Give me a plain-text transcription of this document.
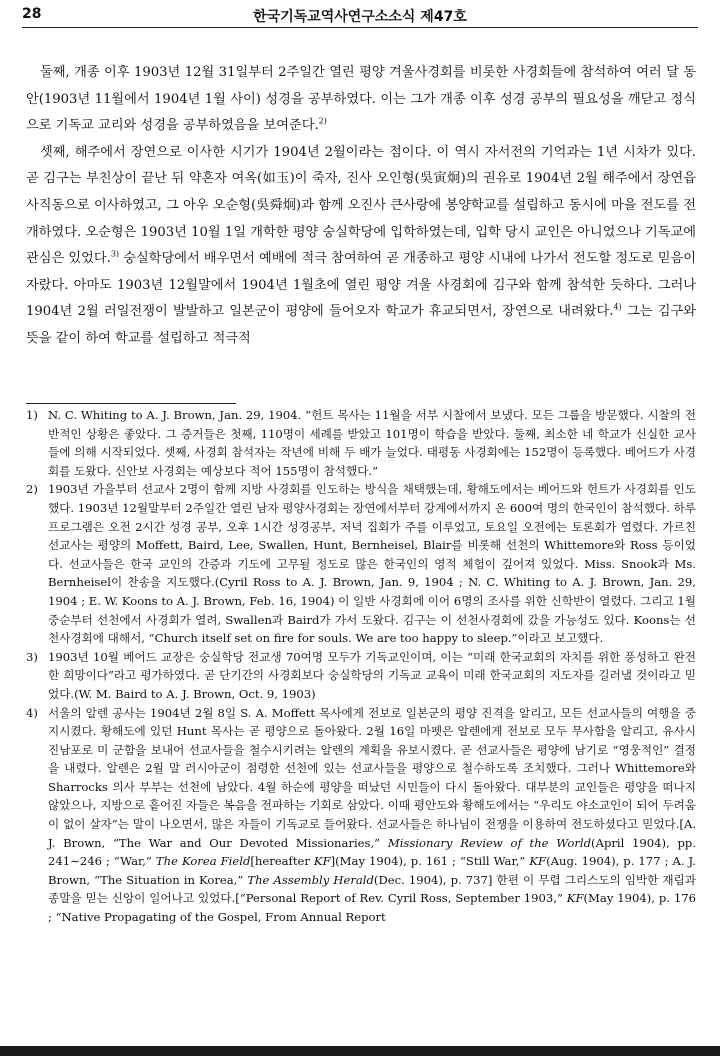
28	한국기독교역사연구소소식 제47호

둘째, 개종 이후 1903년 12월 31일부터 2주일간 열린 평양 겨울사경회를 비롯한 사경회들에 참석하여 여러 달 동안(1903년 11월에서 1904년 1월 사이) 성경을 공부하였다. 이는 그가 개종 이후 성경 공부의 필요성을 깨닫고 정식으로 기독교 교리와 성경을 공부하였음을 보여준다.$^{2)}$

셋째, 해주에서 장연으로 이사한 시기가 1904년 2월이라는 점이다. 이 역시 자서전의 기억과는 1년 시차가 있다. 곧 김구는 부친상이 끝난 뒤 약혼자 여옥(如玉)이 죽자, 진사 오인형(吳寅炯)의 권유로 1904년 2월 해주에서 장연읍 사직동으로 이사하였고, 그 아우 오순형(吳舜炯)과 함께 오진사 큰사랑에 봉양학교를 설립하고 동시에 마을 전도를 전개하였다. 오순형은 1903년 10월 1일 개학한 평양 숭실학당에 입학하였는데, 입학 당시 교인은 아니었으나 기독교에 관심은 있었다.$^{3)}$ 숭실학당에서 배우면서 예배에 적극 참여하여 곧 개종하고 평양 시내에 나가서 전도할 정도로 믿음이 자랐다. 아마도 1903년 12월말에서 1904년 1월초에 열린 평양 겨울 사경회에 김구와 함께 참석한 듯하다. 그러나 1904년 2월 러일전쟁이 발발하고 일본군이 평양에 들어오자 학교가 휴교되면서, 장연으로 내려왔다.$^{4)}$ 그는 김구와 뜻을 같이 하여 학교를 설립하고 적극적

1) N. C. Whiting to A. J. Brown, Jan. 29, 1904. “헌트 목사는 11월을 서부 시찰에서 보냈다. 모든 그룹을 방문했다. 시찰의 전반적인 상황은 좋았다. 그 증거들은 첫째, 110명이 세례를 받았고 101명이 학습을 받았다. 둘째, 최소한 네 학교가 신실한 교사들에 의해 시작되었다. 셋째, 사경회 참석자는 작년에 비해 두 배가 늘었다. 태평동 사경회에는 152명이 등록했다. 베어드가 사경회를 도왔다. 신안보 사경회는 예상보다 적어 155명이 참석했다.”
2) 1903년 가을부터 선교사 2명이 함께 지방 사경회를 인도하는 방식을 채택했는데, 황해도에서는 베어드와 헌트가 사경회를 인도했다. 1903년 12월말부터 2주일간 열린 남자 평양사경회는 장연에서부터 강계에서까지 온 600여 명의 한국인이 참석했다. 하루 프로그램은 오전 2시간 성경 공부, 오후 1시간 성경공부, 저녁 집회가 주를 이루었고, 토요일 오전에는 토론회가 열렸다. 가르친 선교사는 평양의 Moffett, Baird, Lee, Swallen, Hunt, Bernheisel, Blair를 비롯해 선천의 Whittemore와 Ross 등이었다. 선교사들은 한국 교인의 간증과 기도에 고무될 정도로 많은 한국인의 영적 체험이 깊어져 있었다. Miss. Snook과 Ms. Bernheisel이 찬송을 지도했다.(Cyril Ross to A. J. Brown, Jan. 9, 1904 ; N. C. Whiting to A. J. Brown, Jan. 29, 1904 ; E. W. Koons to A. J. Brown, Feb. 16, 1904) 이 일반 사경회에 이어 6명의 조사를 위한 신학반이 열렸다. 그리고 1월 중순부터 선천에서 사경회가 열려, Swallen과 Baird가 가서 도왔다. 김구는 이 선천사경회에 갔을 가능성도 있다. Koons는 선천사경회에 대해서, “Church itself set on fire for souls. We are too happy to sleep.”이라고 보고했다.
3) 1903년 10월 베어드 교장은 숭실학당 전교생 70여명 모두가 기독교인이며, 이는 “미래 한국교회의 자치를 위한 풍성하고 완전한 희망이다”라고 평가하였다. 곧 단기간의 사경회보다 숭실학당의 기독교 교육이 미래 한국교회의 지도자를 길러낼 것이라고 믿었다.(W. M. Baird to A. J. Brown, Oct. 9, 1903)
4) 서울의 알렌 공사는 1904년 2월 8일 S. A. Moffett 목사에게 전보로 일본군의 평양 진격을 알리고, 모든 선교사들의 여행을 중지시켰다. 황해도에 있던 Hunt 목사는 곧 평양으로 돌아왔다. 2월 16일 마펫은 알렌에게 전보로 모두 무사함을 알리고, 유사시 진남포로 미 군함을 보내어 선교사들을 철수시키려는 알렌의 계획을 유보시켰다. 곧 선교사들은 평양에 남기로 “영웅적인” 결정을 내렸다. 알렌은 2월 말 러시아군이 점령한 선천에 있는 선교사들을 평양으로 철수하도록 조치했다. 그러나 Whittemore와 Sharrocks 의사 부부는 선천에 남았다. 4월 하순에 평양을 떠났던 시민들이 다시 돌아왔다. 대부분의 교인들은 평양을 떠나지 않았으나, 지방으로 흩어진 자들은 복음을 전파하는 기회로 삼았다. 이때 평안도와 황해도에서는 “우리도 야소교인이 되어 두려움이 없이 살자”는 말이 나오면서, 많은 자들이 기독교로 들어왔다. 선교사들은 하나님이 전쟁을 이용하여 전도하셨다고 믿었다.[A. J. Brown, “The War and Our Devoted Missionaries,” Missionary Review of the World(April 1904), pp. 241∼246 ; “War,” The Korea Field[hereafter KF](May 1904), p. 161 ; “Still War,” KF(Aug. 1904), p. 177 ; A. J. Brown, “The Situation in Korea,” The Assembly Herald(Dec. 1904), p. 737] 한편 이 무렵 그리스도의 임박한 재림과 종말을 믿는 신앙이 일어나고 있었다.[“Personal Report of Rev. Cyril Ross, September 1903,” KF(May 1904), p. 176 ; “Native Propagating of the Gospel, From Annual Report
